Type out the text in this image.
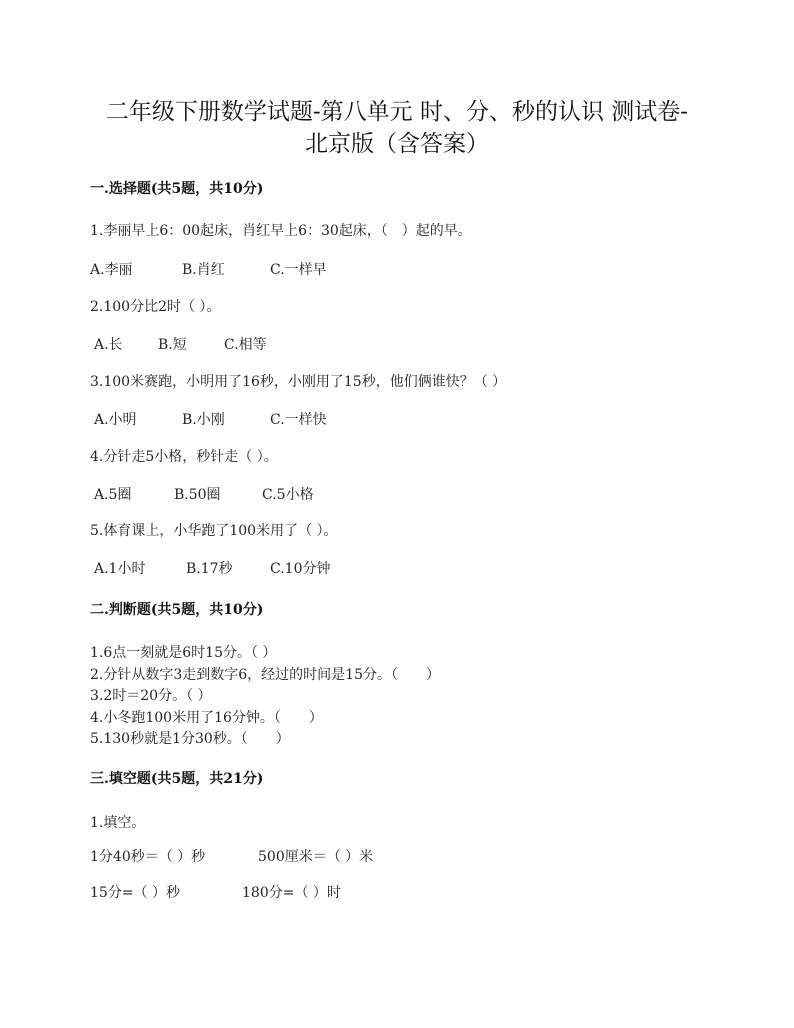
二年级下册数学试题-第八单元 时、分、秒的认识 测试卷-
北京版（含答案）
一.选择题(共5题，共10分)
1.李丽早上6：00起床，肖红早上6：30起床，（　）起的早。
A.李丽	B.肖红	C.一样早
2.100分比2时（ ）。
A.长	B.短	C.相等
3.100米赛跑，小明用了16秒，小刚用了15秒，他们俩谁快？（ ）
A.小明	B.小刚	C.一样快
4.分针走5小格，秒针走（ ）。
A.5圈	B.50圈	C.5小格
5.体育课上，小华跑了100米用了（ ）。
A.1小时	B.17秒	C.10分钟
二.判断题(共5题，共10分)
1.6点一刻就是6时15分。（ ）
2.分针从数字3走到数字6，经过的时间是15分。（　　）
3.2时＝20分。（ ）
4.小冬跑100米用了16分钟。（　　）
5.130秒就是1分30秒。（　　）
三.填空题(共5题，共21分)
1.填空。
1分40秒＝（ ）秒	500厘米＝（ ）米
15分=（ ）秒	180分=（ ）时
